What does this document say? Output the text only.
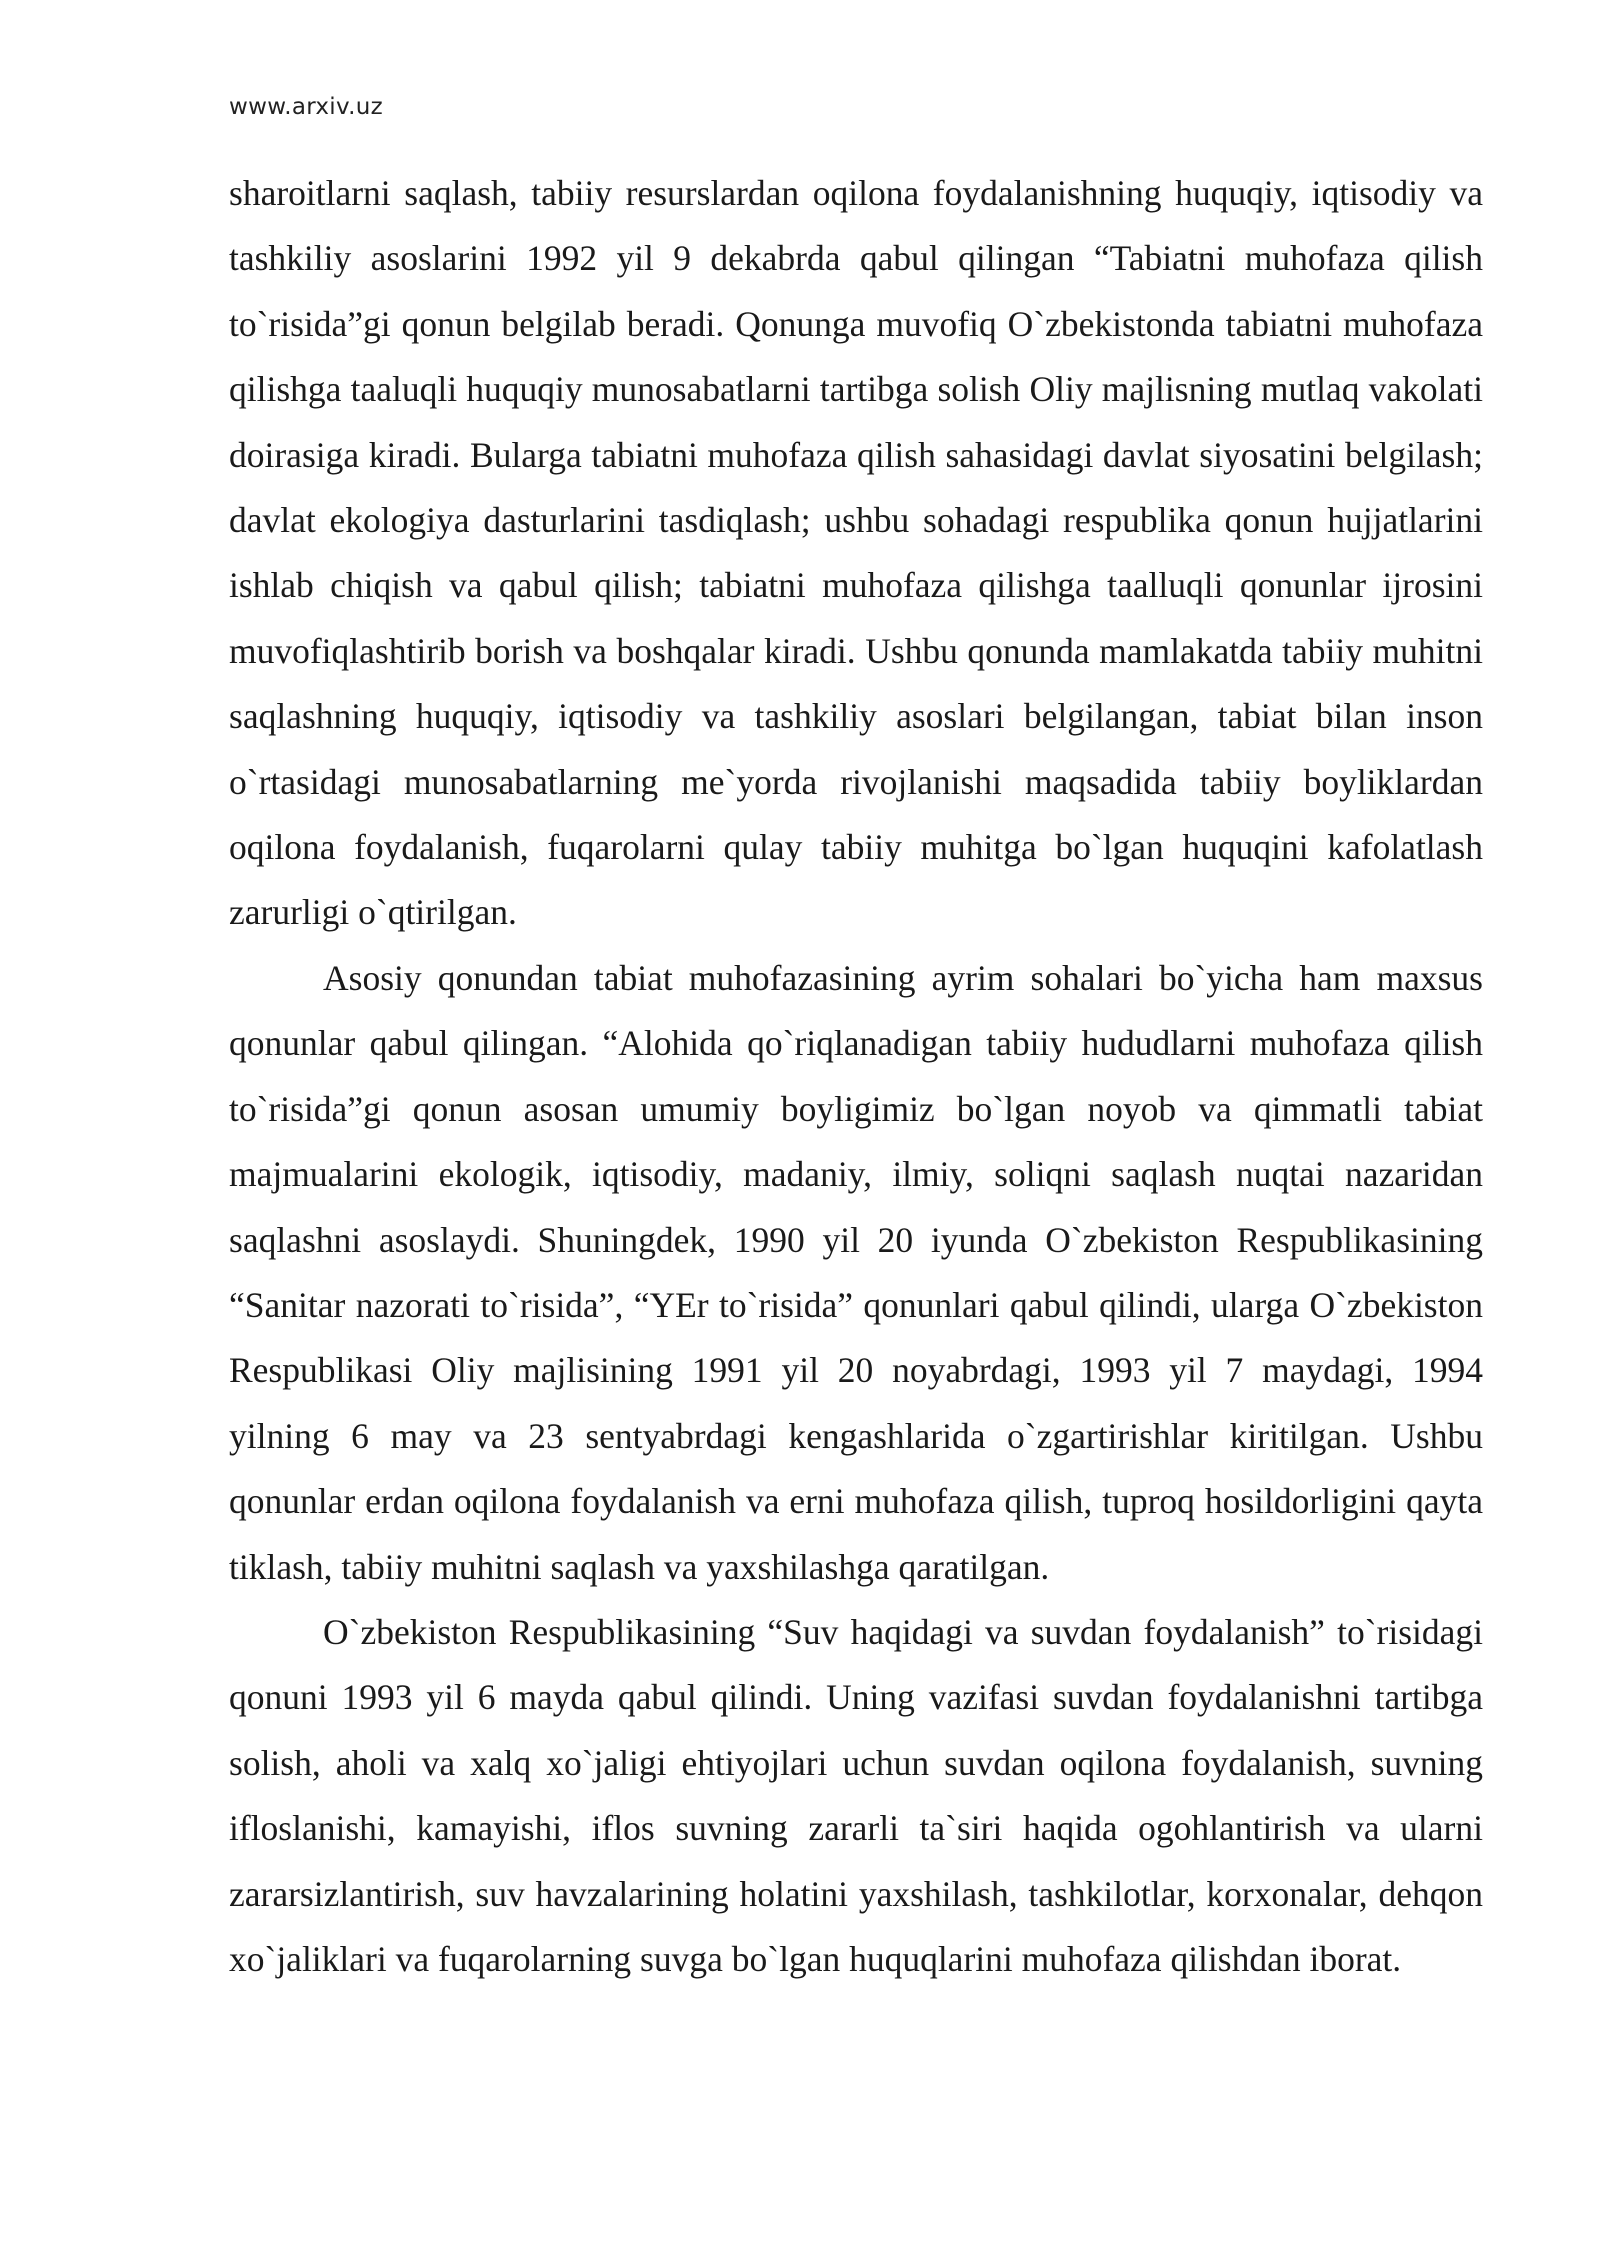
www.arxiv.uz

sharoitlarni saqlash, tabiiy resurslardan oqilona foydalanishning huquqiy, iqtisodiy va tashkiliy asoslarini 1992 yil 9 dekabrda qabul qilingan “Tabiatni muhofaza qilish to`risida”gi qonun belgilab beradi. Qonunga muvofiq O`zbekistonda tabiatni muhofaza qilishga taaluqli huquqiy munosabatlarni tartibga solish Oliy majlisning mutlaq vakolati doirasiga kiradi. Bularga tabiatni muhofaza qilish sahasidagi davlat siyosatini belgilash; davlat ekologiya dasturlarini tasdiqlash; ushbu sohadagi respublika qonun hujjatlarini ishlab chiqish va qabul qilish; tabiatni muhofaza qilishga taalluqli qonunlar ijrosini muvofiqlashtirib borish va boshqalar kiradi. Ushbu qonunda mamlakatda tabiiy muhitni saqlashning huquqiy, iqtisodiy va tashkiliy asoslari belgilangan, tabiat bilan inson o`rtasidagi munosabatlarning me`yorda rivojlanishi maqsadida tabiiy boyliklardan oqilona foydalanish, fuqarolarni qulay tabiiy muhitga bo`lgan huquqini kafolatlash zarurligi o`qtirilgan.

Asosiy qonundan tabiat muhofazasining ayrim sohalari bo`yicha ham maxsus qonunlar qabul qilingan. “Alohida qo`riqlanadigan tabiiy hududlarni muhofaza qilish to`risida”gi qonun asosan umumiy boyligimiz bo`lgan noyob va qimmatli tabiat majmualarini ekologik, iqtisodiy, madaniy, ilmiy, soliqni saqlash nuqtai nazaridan saqlashni asoslaydi. Shuningdek, 1990 yil 20 iyunda O`zbekiston Respublikasining “Sanitar nazorati to`risida”, “YEr to`risida” qonunlari qabul qilindi, ularga O`zbekiston Respublikasi Oliy majlisining 1991 yil 20 noyabrdagi, 1993 yil 7 maydagi, 1994 yilning 6 may va 23 sentyabrdagi kengashlarida o`zgartirishlar kiritilgan. Ushbu qonunlar erdan oqilona foydalanish va erni muhofaza qilish, tuproq hosildorligini qayta tiklash, tabiiy muhitni saqlash va yaxshilashga qaratilgan.

O`zbekiston Respublikasining “Suv haqidagi va suvdan foydalanish” to`risidagi qonuni 1993 yil 6 mayda qabul qilindi. Uning vazifasi suvdan foydalanishni tartibga solish, aholi va xalq xo`jaligi ehtiyojlari uchun suvdan oqilona foydalanish, suvning ifloslanishi, kamayishi, iflos suvning zararli ta`siri haqida ogohlantirish va ularni zararsizlantirish, suv havzalarining holatini yaxshilash, tashkilotlar, korxonalar, dehqon xo`jaliklari va fuqarolarning suvga bo`lgan huquqlarini muhofaza qilishdan iborat.
